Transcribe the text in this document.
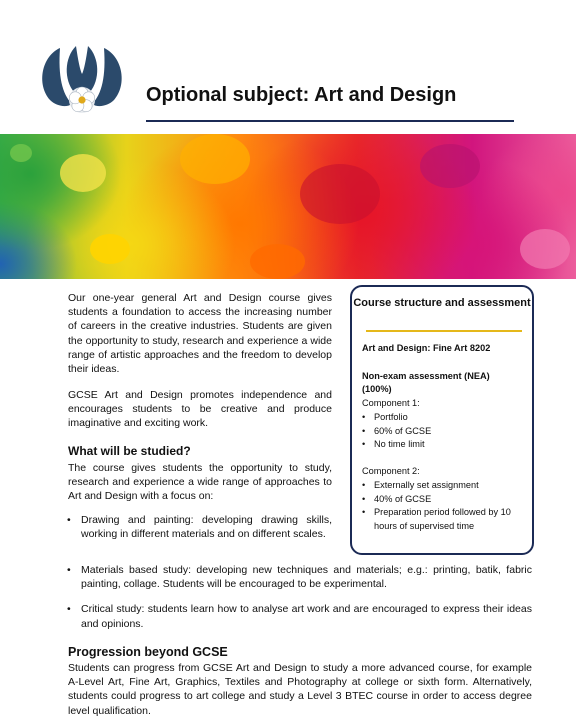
Optional subject: Art and Design

Our one-year general Art and Design course gives students a foundation to access the increasing number of careers in the creative industries. Students are given the opportunity to study, research and experience a wide range of artistic approaches and the freedom to develop their ideas.

GCSE Art and Design promotes independence and encourages students to be creative and produce imaginative and exciting work.

What will be studied?

The course gives students the opportunity to study, research and experience a wide range of approaches to Art and Design with a focus on:

• Drawing and painting: developing drawing skills, working in different materials and on different scales.
• Materials based study: developing new techniques and materials; e.g.: printing, batik, fabric painting, collage. Students will be encouraged to be experimental.
• Critical study: students learn how to analyse art work and are encouraged to express their ideas and opinions.
Course structure and assessment
Art and Design: Fine Art 8202
Non-exam assessment (NEA)
(100%)
Component 1:
• Portfolio
• 60% of GCSE
• No time limit
Component 2:
• Externally set assignment
• 40% of GCSE
• Preparation period followed by 10 hours of supervised time
Progression beyond GCSE

Students can progress from GCSE Art and Design to study a more advanced course, for example A-Level Art, Fine Art, Graphics, Textiles and Photography at college or sixth form. Alternatively, students could progress to art college and study a Level 3 BTEC course in order to access degree level qualification.
